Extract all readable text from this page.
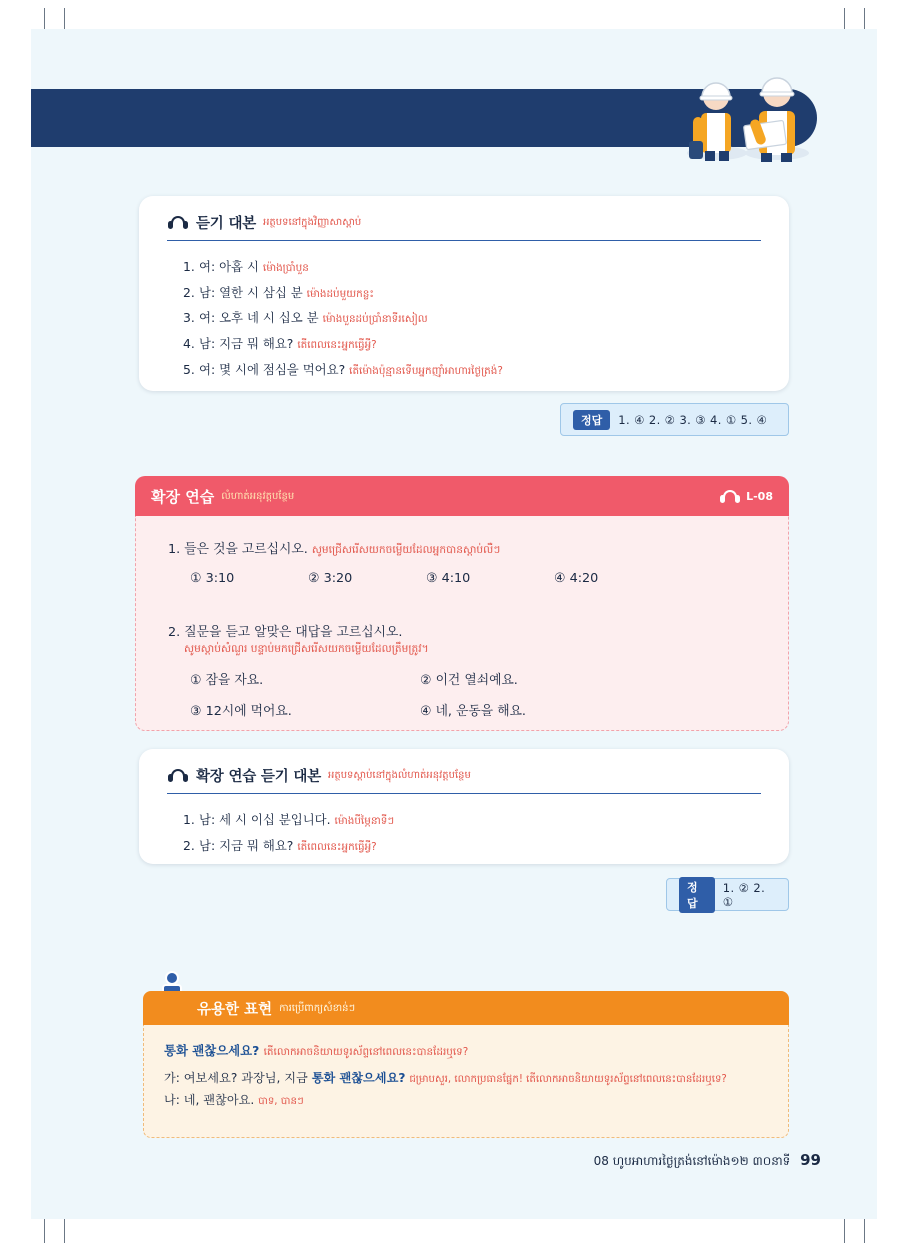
듣기 대본 អត្ថបទនៅក្នុងវិញ្ញាសាស្តាប់
1. 여: 아홉 시 ម៉ោងប្រាំបួន
2. 남: 열한 시 삼십 분 ម៉ោងដប់មួយកន្លះ
3. 여: 오후 네 시 십오 분 ម៉ោងបួនដប់ប្រាំនាទីរសៀល
4. 남: 지금 뭐 해요? តើពេលនេះអ្នកធ្វើអ្វី?
5. 여: 몇 시에 점심을 먹어요? តើម៉ោងប៉ុន្មានទើបអ្នកញ៉ាំអាហារថ្ងៃត្រង់?
정답	1. ④ 2. ② 3. ③ 4. ① 5. ④
확장 연습 លំហាត់អនុវត្តបន្ថែម	L-08
1. 들은 것을 고르십시오. សូមជ្រើសរើសយកចម្លើយដែលអ្នកបានស្តាប់លឺៗ
① 3:10	② 3:20	③ 4:10	④ 4:20
2. 질문을 듣고 알맞은 대답을 고르십시오.
សូមស្តាប់សំណួរ បន្ទាប់មកជ្រើសរើសយកចម្លើយដែលត្រឹមត្រូវ។
① 잠을 자요.	② 이건 열쇠예요.
③ 12시에 먹어요.	④ 네, 운동을 해요.
확장 연습 듣기 대본 អត្ថបទស្តាប់នៅក្នុងលំហាត់អនុវត្តបន្ថែម
1. 남: 세 시 이십 분입니다. ម៉ោងបីម្ភៃនាទីៗ
2. 남: 지금 뭐 해요? តើពេលនេះអ្នកធ្វើអ្វី?
정답
1. ② 2. ①
유용한 표현 ការប្រើពាក្យសំខាន់ៗ
통화 괜찮으세요? តើលោកអាចនិយាយទូរស័ព្ទនៅពេលនេះបានដែរឬទេ?
가: 여보세요? 과장님, 지금 통화 괜찮으세요? ជម្រាបសួរ, លោកប្រធានផ្នែក! តើលោកអាចនិយាយទូរស័ព្ទនៅពេលនេះបានដែរឬទេ?
나: 네, 괜찮아요. បាទ, បានៗ
08 ហូបអាហារថ្ងៃត្រង់នៅម៉ោង១២ ៣០នាទី 99
